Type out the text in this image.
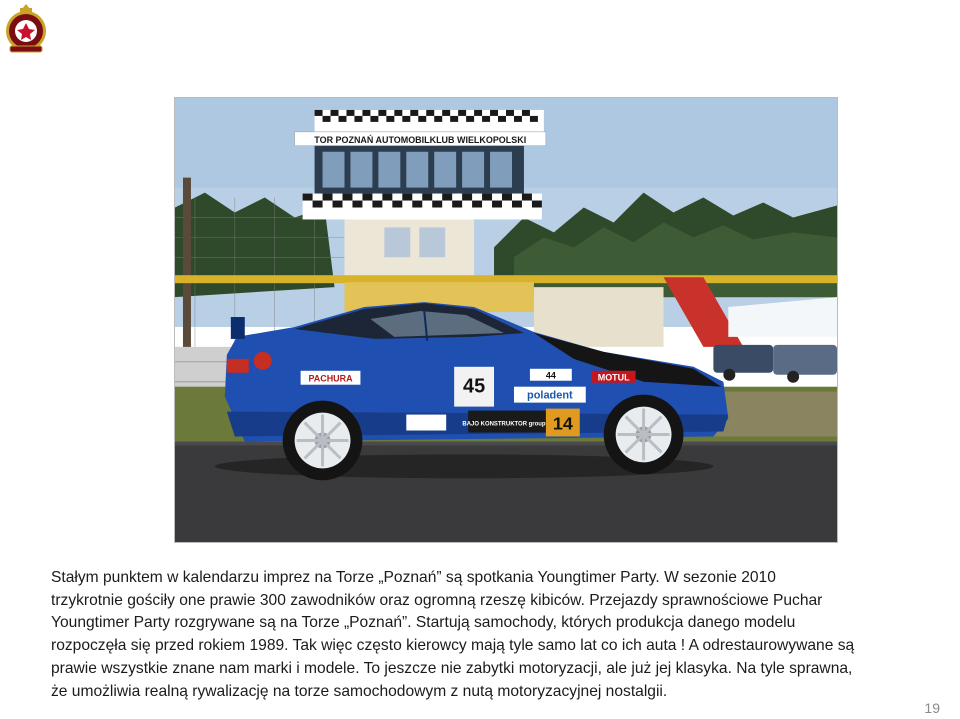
TOR POZNAŃ AUTOMOBILKLUB WIELKOPOLSKI
45	poladent
MOTUL
PACHURA	44
BAJO KONSTRUKTOR group 14

Stałym punktem w kalendarzu imprez na Torze „Poznań” są spotkania Youngtimer Party. W sezonie 2010
trzykrotnie gościły one prawie 300 zawodników oraz ogromną rzeszę kibiców. Przejazdy sprawnościowe Puchar
Youngtimer Party rozgrywane są na Torze „Poznań”. Startują samochody, których produkcja danego modelu
rozpoczęła się przed rokiem 1989. Tak więc często kierowcy mają tyle samo lat co ich auta ! A odrestaurowywane są
prawie wszystkie znane nam marki i modele. To jeszcze nie zabytki motoryzacji, ale już jej klasyka. Na tyle sprawna,
że umożliwia realną rywalizację na torze samochodowym z nutą motoryzacyjnej nostalgii.

19
